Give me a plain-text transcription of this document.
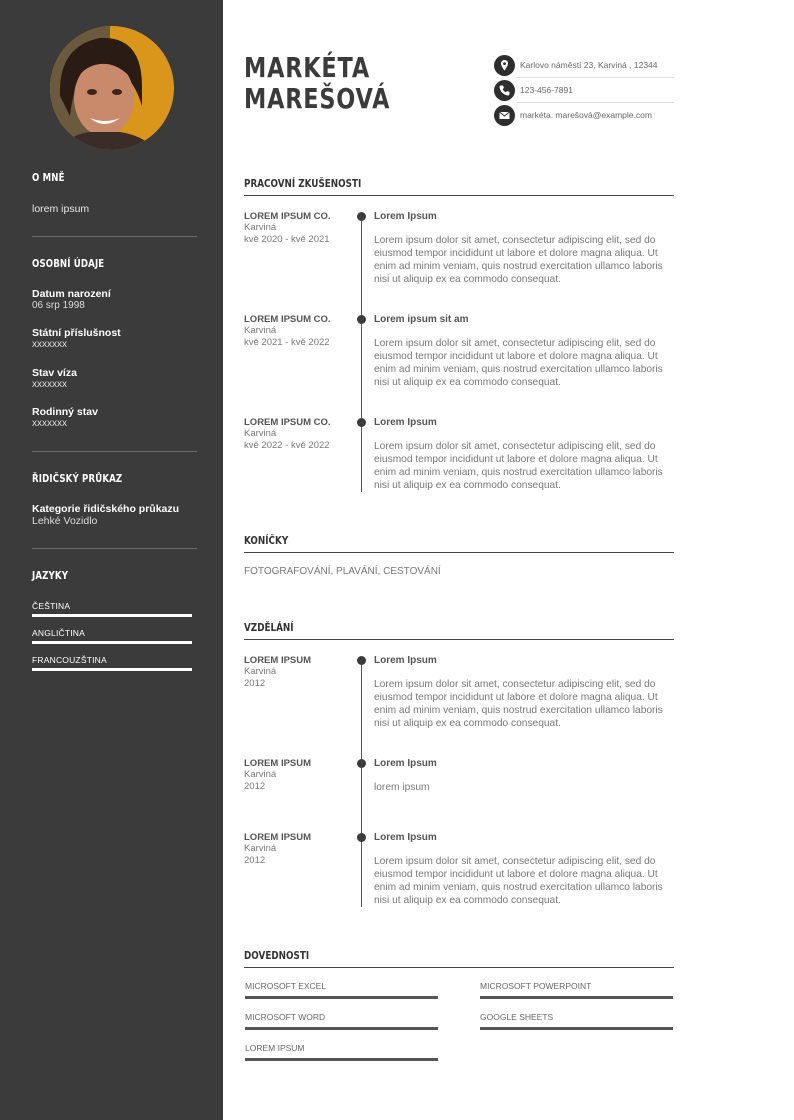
O MNĚ
lorem ipsum
OSOBNÍ ÚDAJE
Datum narození
06 srp 1998
Státní příslušnost
xxxxxxx
Stav víza
xxxxxxx
Rodinný stav
xxxxxxx
ŘIDIČSKÝ PRŮKAZ
Kategorie řidičského průkazu
Lehké Vozidlo
JAZYKY
ČEŠTINA
ANGLIČTINA
FRANCOUZŠTINA
MARKÉTA
MAREŠOVÁ
Karlovo náměstí 23, Karviná , 12344
123-456-7891
markéta. marešová@example.com
PRACOVNÍ ZKUŠENOSTI
LOREM IPSUM CO.
Karviná
kvě 2020 - kvě 2021
Lorem Ipsum
Lorem ipsum dolor sit amet, consectetur adipiscing elit, sed do eiusmod tempor incididunt ut labore et dolore magna aliqua. Ut enim ad minim veniam, quis nostrud exercitation ullamco laboris nisi ut aliquip ex ea commodo consequat.
LOREM IPSUM CO.
Karviná
kvě 2021 - kvě 2022
Lorem ipsum sit am
Lorem ipsum dolor sit amet, consectetur adipiscing elit, sed do eiusmod tempor incididunt ut labore et dolore magna aliqua. Ut enim ad minim veniam, quis nostrud exercitation ullamco laboris nisi ut aliquip ex ea commodo consequat.
LOREM IPSUM CO.
Karviná
kvě 2022 - kvě 2022
Lorem Ipsum
Lorem ipsum dolor sit amet, consectetur adipiscing elit, sed do eiusmod tempor incididunt ut labore et dolore magna aliqua. Ut enim ad minim veniam, quis nostrud exercitation ullamco laboris nisi ut aliquip ex ea commodo consequat.
KONÍČKY
FOTOGRAFOVÁNÍ, PLAVÁNÍ, CESTOVÁNÍ
VZDĚLÁNÍ
LOREM IPSUM
Karviná
2012
Lorem Ipsum
Lorem ipsum dolor sit amet, consectetur adipiscing elit, sed do eiusmod tempor incididunt ut labore et dolore magna aliqua. Ut enim ad minim veniam, quis nostrud exercitation ullamco laboris nisi ut aliquip ex ea commodo consequat.
LOREM IPSUM
Karviná
2012
Lorem Ipsum
lorem ipsum
LOREM IPSUM
Karviná
2012
Lorem Ipsum
Lorem ipsum dolor sit amet, consectetur adipiscing elit, sed do eiusmod tempor incididunt ut labore et dolore magna aliqua. Ut enim ad minim veniam, quis nostrud exercitation ullamco laboris nisi ut aliquip ex ea commodo consequat.
DOVEDNOSTI
MICROSOFT EXCEL	MICROSOFT POWERPOINT
MICROSOFT WORD	GOOGLE SHEETS
LOREM IPSUM
